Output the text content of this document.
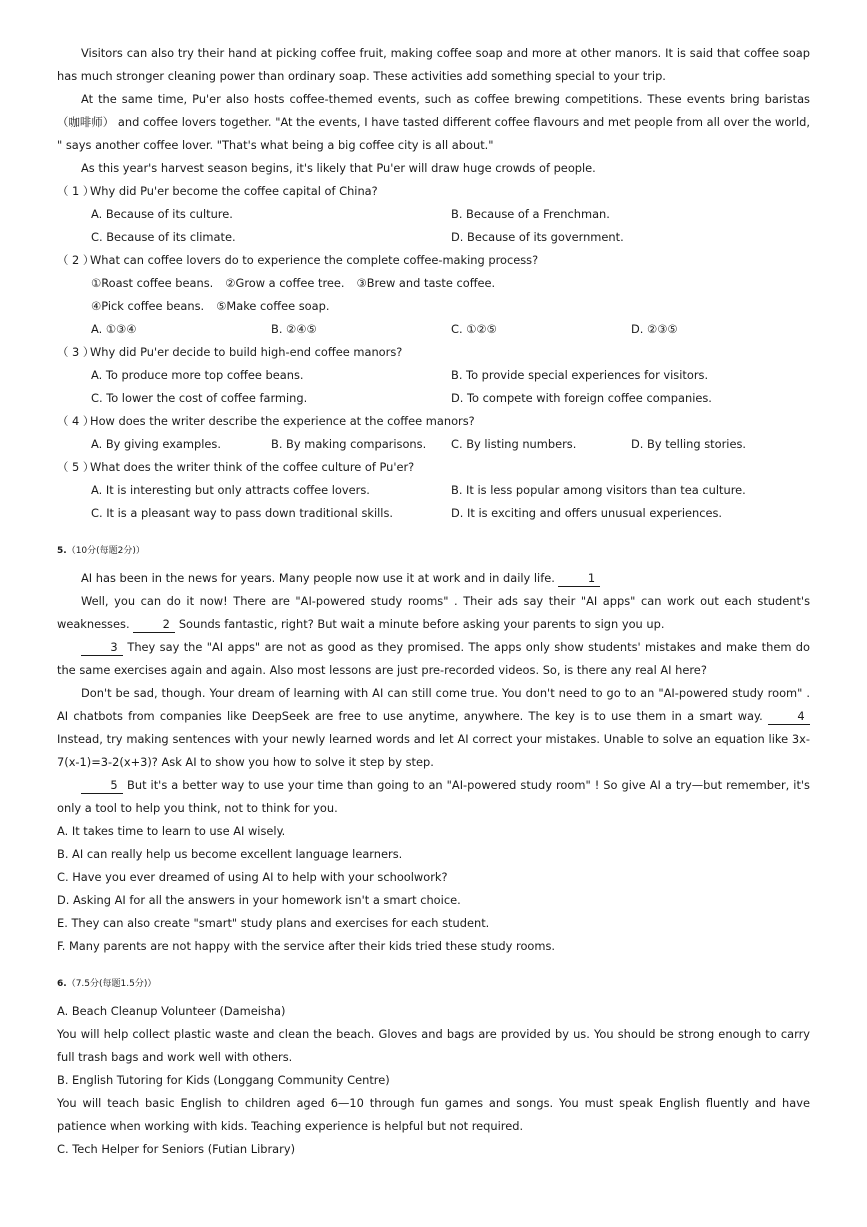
Visitors can also try their hand at picking coffee fruit, making coffee soap and more at other manors. It is said that coffee soap has much stronger cleaning power than ordinary soap. These activities add something special to your trip.

At the same time, Pu'er also hosts coffee-themed events, such as coffee brewing competitions. These events bring baristas （咖啡师） and coffee lovers together. "At the events, I have tasted different coffee flavours and met people from all over the world, " says another coffee lover. "That's what being a big coffee city is all about."

As this year's harvest season begins, it's likely that Pu'er will draw huge crowds of people.

（ 1 ）Why did Pu'er become the coffee capital of China?

A. Because of its culture.	B. Because of a Frenchman.
C. Because of its climate.	D. Because of its government.

（ 2 ）What can coffee lovers do to experience the complete coffee-making process?

①Roast coffee beans. ②Grow a coffee tree. ③Brew and taste coffee.
④Pick coffee beans. ⑤Make coffee soap.
A. ①③④	B. ②④⑤	C. ①②⑤	D. ②③⑤

（ 3 ）Why did Pu'er decide to build high-end coffee manors?

A. To produce more top coffee beans.	B. To provide special experiences for visitors.
C. To lower the cost of coffee farming.	D. To compete with foreign coffee companies.

（ 4 ）How does the writer describe the experience at the coffee manors?

A. By giving examples.	B. By making comparisons.	C. By listing numbers.	D. By telling stories.

（ 5 ）What does the writer think of the coffee culture of Pu'er?

A. It is interesting but only attracts coffee lovers.	B. It is less popular among visitors than tea culture.
C. It is a pleasant way to pass down traditional skills.	D. It is exciting and offers unusual experiences.
5.（10分(每题2分)）

AI has been in the news for years. Many people now use it at work and in daily life.	1

Well, you can do it now! There are "AI-powered study rooms" . Their ads say their "AI apps" can work out each student's weaknesses.	2 Sounds fantastic, right? But wait a minute before asking your parents to sign you up.

3 They say the "AI apps" are not as good as they promised. The apps only show students' mistakes and make them do the same exercises again and again. Also most lessons are just pre-recorded videos. So, is there any real AI here?

Don't be sad, though. Your dream of learning with AI can still come true. You don't need to go to an "AI-powered study room" . AI chatbots from companies like DeepSeek are free to use anytime, anywhere. The key is to use them in a smart way.	4 Instead, try making sentences with your newly learned words and let AI correct your mistakes. Unable to solve an equation like 3x-7(x-1)=3-2(x+3)? Ask AI to show you how to solve it step by step.

5 But it's a better way to use your time than going to an "AI-powered study room" ! So give AI a try—but remember, it's only a tool to help you think, not to think for you.

A. It takes time to learn to use AI wisely.

B. AI can really help us become excellent language learners.

C. Have you ever dreamed of using AI to help with your schoolwork?

D. Asking AI for all the answers in your homework isn't a smart choice.

E. They can also create "smart" study plans and exercises for each student.

F. Many parents are not happy with the service after their kids tried these study rooms.

6.（7.5分(每题1.5分)）

A. Beach Cleanup Volunteer (Dameisha)

You will help collect plastic waste and clean the beach. Gloves and bags are provided by us. You should be strong enough to carry full trash bags and work well with others.

B. English Tutoring for Kids (Longgang Community Centre)

You will teach basic English to children aged 6—10 through fun games and songs. You must speak English fluently and have patience when working with kids. Teaching experience is helpful but not required.

C. Tech Helper for Seniors (Futian Library)
